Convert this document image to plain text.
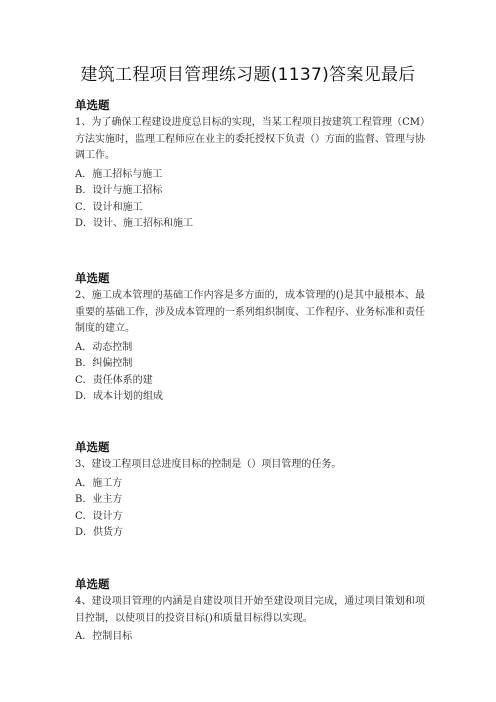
建筑工程项目管理练习题(1137)答案见最后
单选题
1、为了确保工程建设进度总目标的实现，当某工程项目按建筑工程管理（CM）方法实施时，监理工程师应在业主的委托授权下负责（）方面的监督、管理与协调工作。
A．施工招标与施工
B．设计与施工招标
C．设计和施工
D．设计、施工招标和施工
单选题
2、施工成本管理的基础工作内容是多方面的，成本管理的()是其中最根本、最重要的基础工作，涉及成本管理的一系列组织制度、工作程序、业务标准和责任制度的建立。
A．动态控制
B．纠偏控制
C．责任体系的建
D．成本计划的组成
单选题
3、建设工程项目总进度目标的控制是（）项目管理的任务。
A．施工方
B．业主方
C．设计方
D．供货方
单选题
4、建设项目管理的内涵是自建设项目开始至建设项目完成，通过项目策划和项目控制，以使项目的投资目标()和质量目标得以实现。
A．控制目标
